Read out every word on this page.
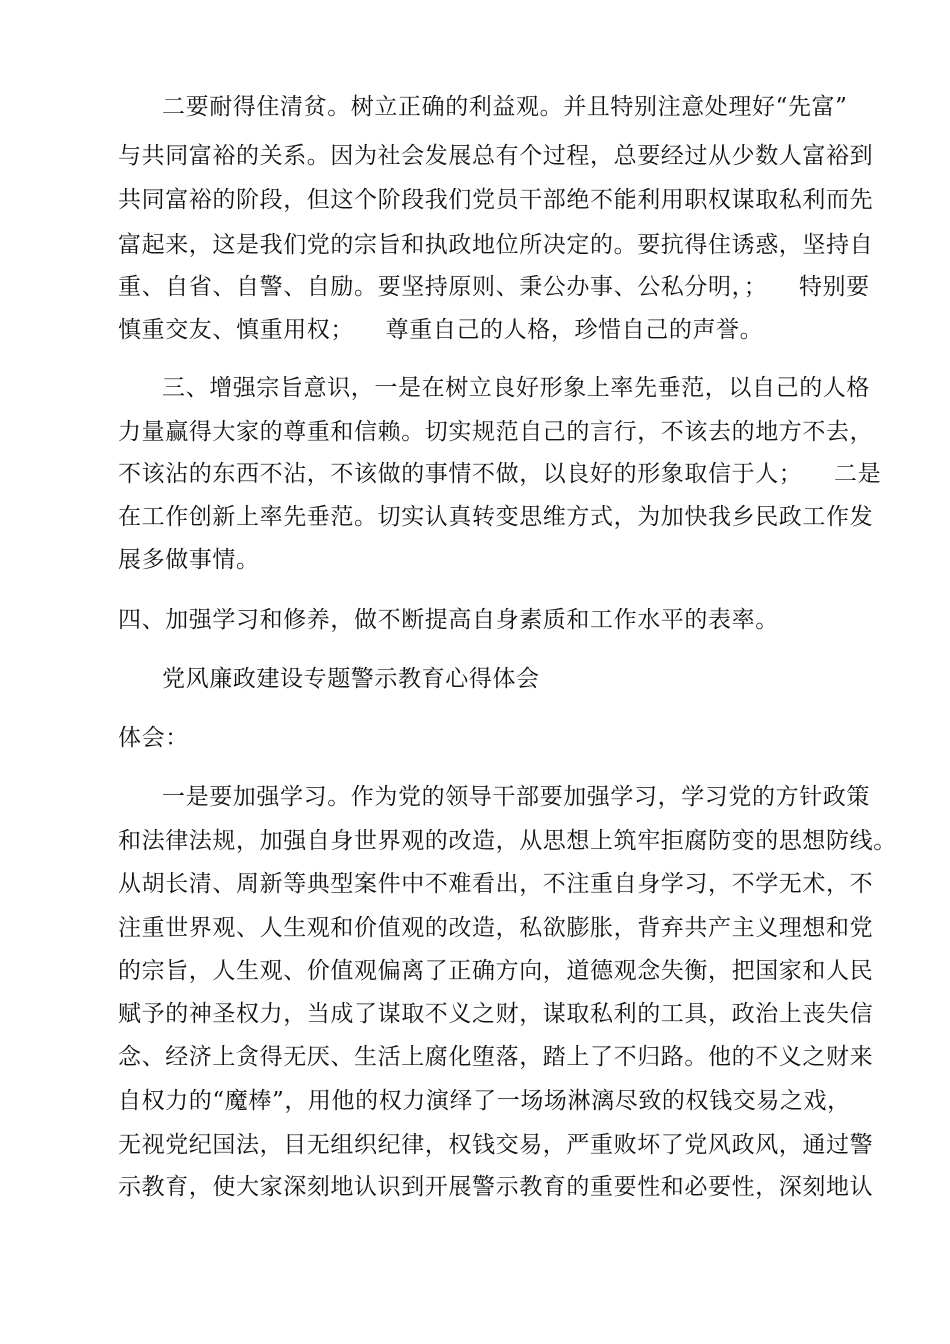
二要耐得住清贫。树立正确的利益观。并且特别注意处理好“先富”

与共同富裕的关系。因为社会发展总有个过程，总要经过从少数人富裕到

共同富裕的阶段，但这个阶段我们党员干部绝不能利用职权谋取私利而先

富起来，这是我们党的宗旨和执政地位所决定的。要抗得住诱惑，坚持自

重、自省、自警、自励。要坚持原则、秉公办事、公私分明，；    特别要

慎重交友、慎重用权；    尊重自己的人格，珍惜自己的声誉。

三、增强宗旨意识，一是在树立良好形象上率先垂范，以自己的人格

力量赢得大家的尊重和信赖。切实规范自己的言行，不该去的地方不去，

不该沾的东西不沾，不该做的事情不做，以良好的形象取信于人；    二是

在工作创新上率先垂范。切实认真转变思维方式，为加快我乡民政工作发

展多做事情。

四、加强学习和修养，做不断提高自身素质和工作水平的表率。

党风廉政建设专题警示教育心得体会

体会：

一是要加强学习。作为党的领导干部要加强学习，学习党的方针政策

和法律法规，加强自身世界观的改造，从思想上筑牢拒腐防变的思想防线。

从胡长清、周新等典型案件中不难看出，不注重自身学习，不学无术，不

注重世界观、人生观和价值观的改造，私欲膨胀，背弃共产主义理想和党

的宗旨，人生观、价值观偏离了正确方向，道德观念失衡，把国家和人民

赋予的神圣权力，当成了谋取不义之财，谋取私利的工具，政治上丧失信

念、经济上贪得无厌、生活上腐化堕落，踏上了不归路。他的不义之财来

自权力的“魔棒”，用他的权力演绎了一场场淋漓尽致的权钱交易之戏，

无视党纪国法，目无组织纪律，权钱交易，严重败坏了党风政风，通过警

示教育，使大家深刻地认识到开展警示教育的重要性和必要性，深刻地认
